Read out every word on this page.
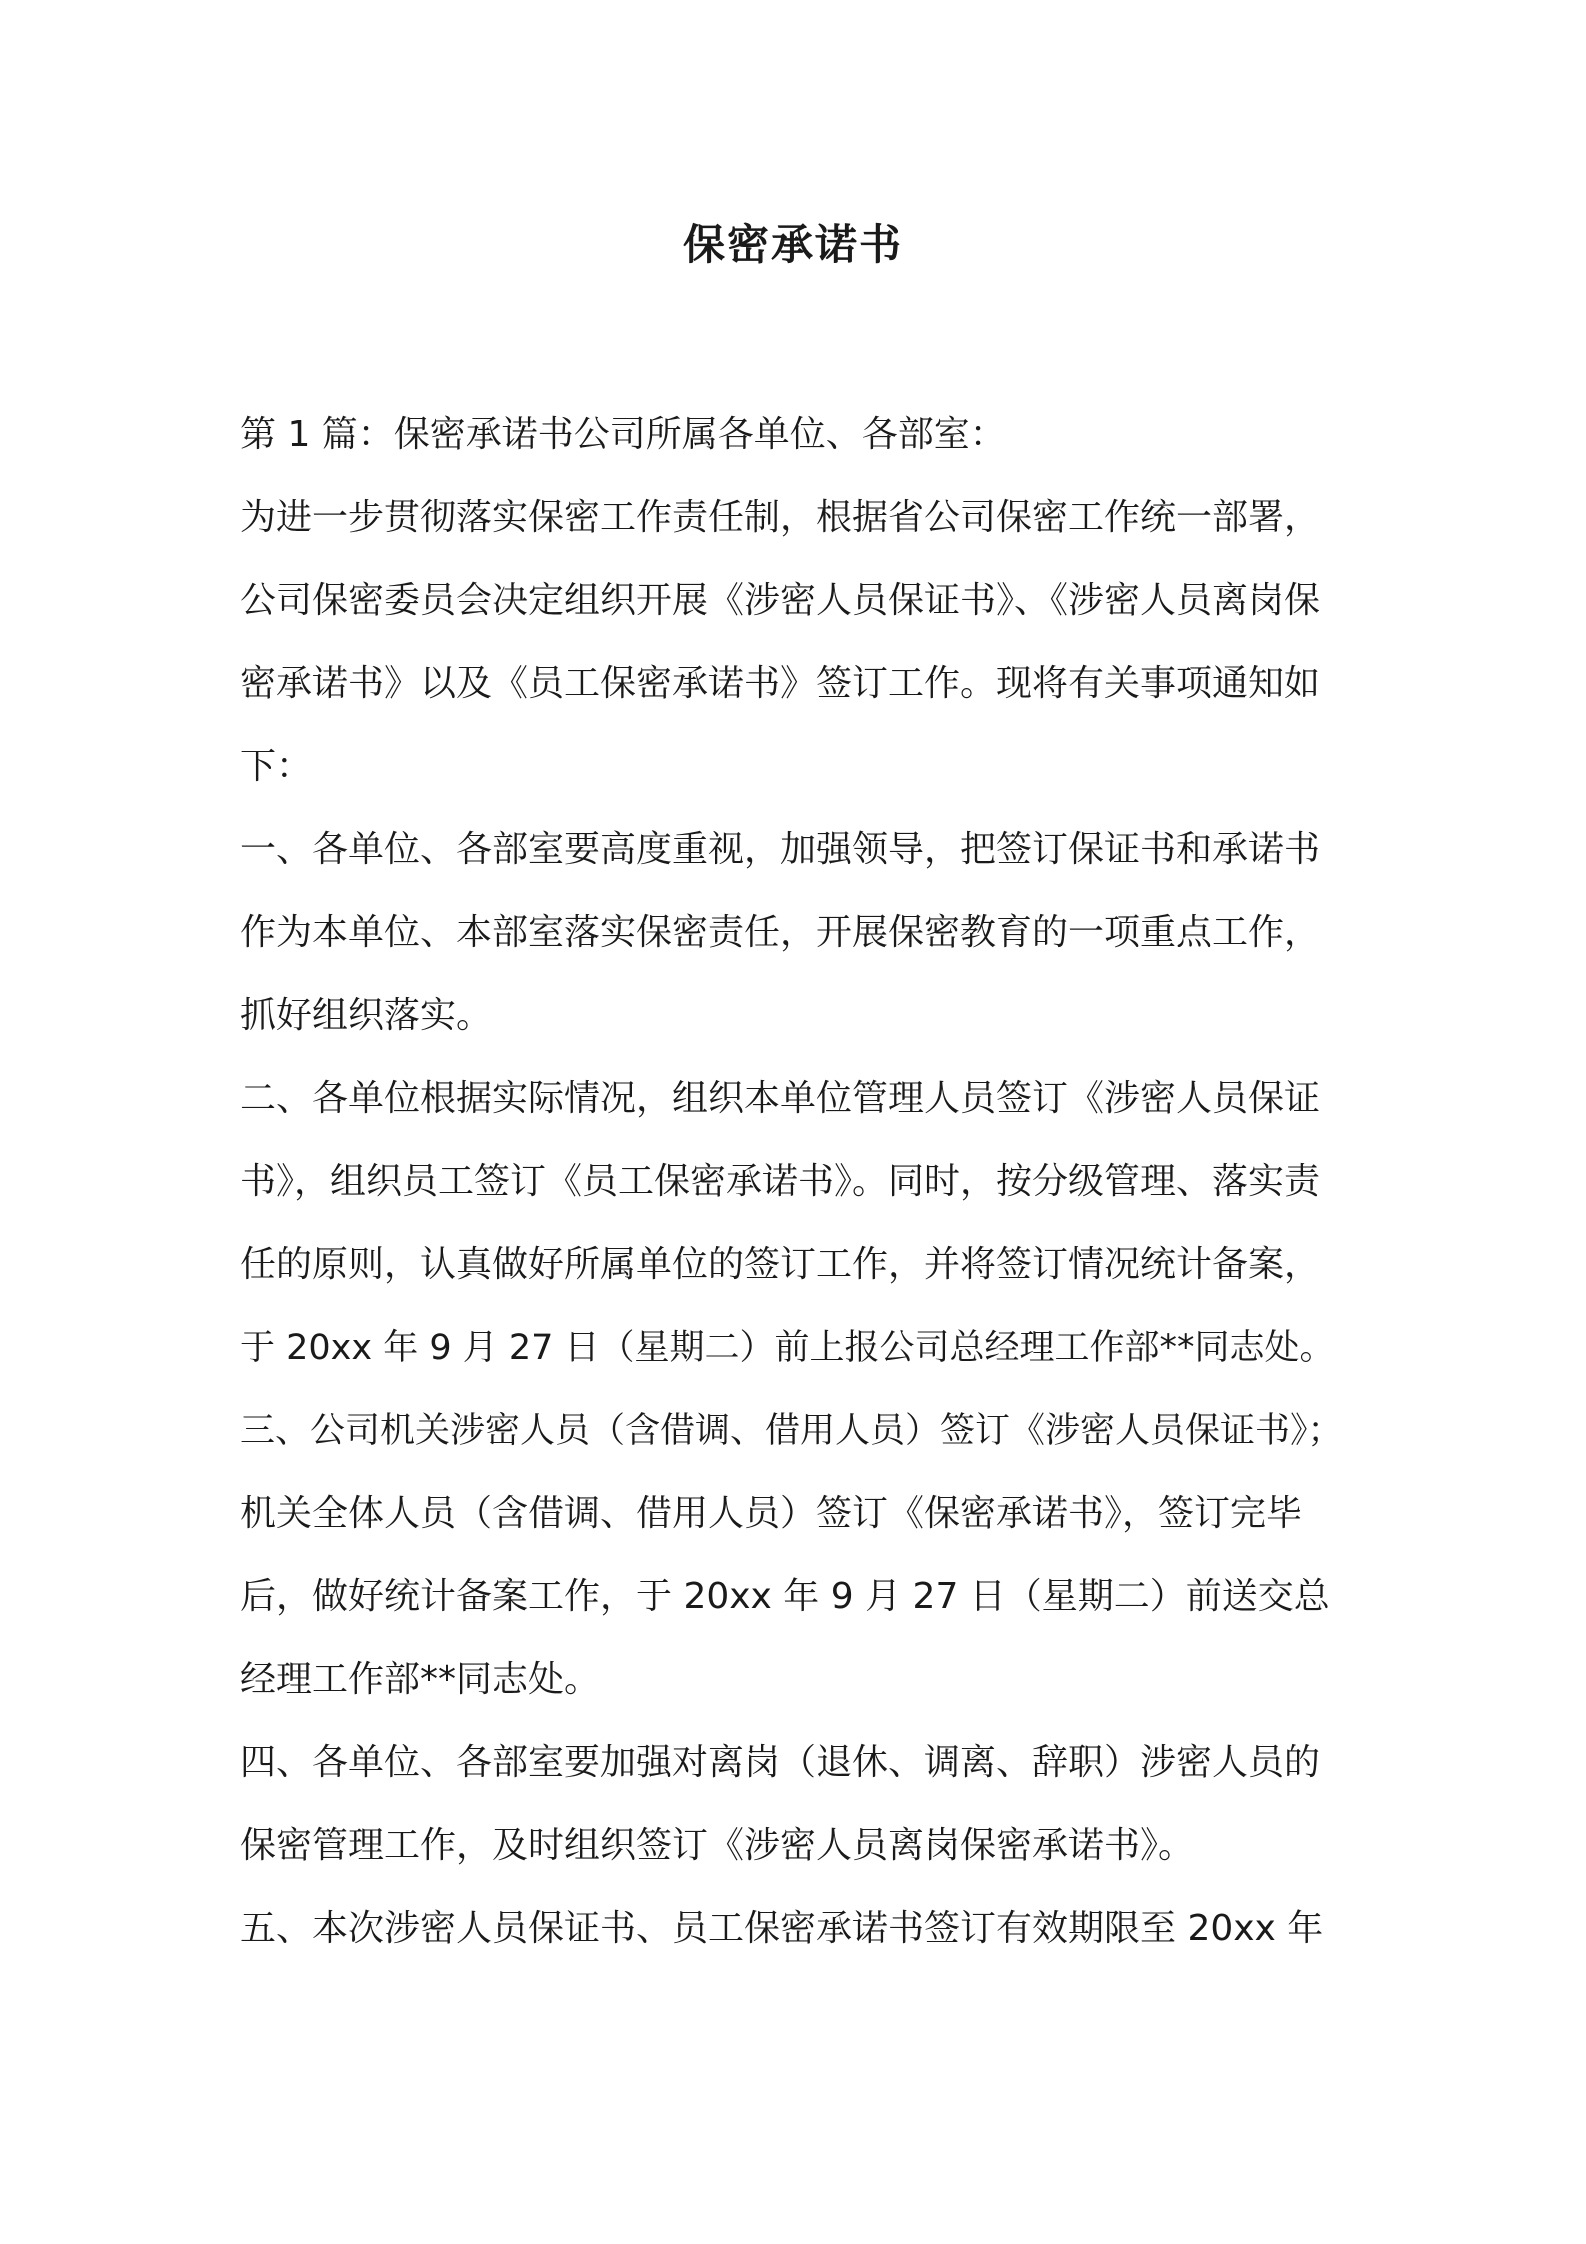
保密承诺书
第 1 篇：保密承诺书公司所属各单位、各部室：
为进一步贯彻落实保密工作责任制，根据省公司保密工作统一部署，
公司保密委员会决定组织开展《涉密人员保证书》、《涉密人员离岗保
密承诺书》以及《员工保密承诺书》签订工作。现将有关事项通知如
下：
一、各单位、各部室要高度重视，加强领导，把签订保证书和承诺书
作为本单位、本部室落实保密责任，开展保密教育的一项重点工作，
抓好组织落实。
二、各单位根据实际情况，组织本单位管理人员签订《涉密人员保证
书》，组织员工签订《员工保密承诺书》。同时，按分级管理、落实责
任的原则，认真做好所属单位的签订工作，并将签订情况统计备案，
于 20xx 年 9 月 27 日（星期二）前上报公司总经理工作部**同志处。
三、公司机关涉密人员（含借调、借用人员）签订《涉密人员保证书》；
机关全体人员（含借调、借用人员）签订《保密承诺书》，签订完毕
后，做好统计备案工作，于 20xx 年 9 月 27 日（星期二）前送交总
经理工作部**同志处。
四、各单位、各部室要加强对离岗（退休、调离、辞职）涉密人员的
保密管理工作，及时组织签订《涉密人员离岗保密承诺书》。
五、本次涉密人员保证书、员工保密承诺书签订有效期限至 20xx 年
